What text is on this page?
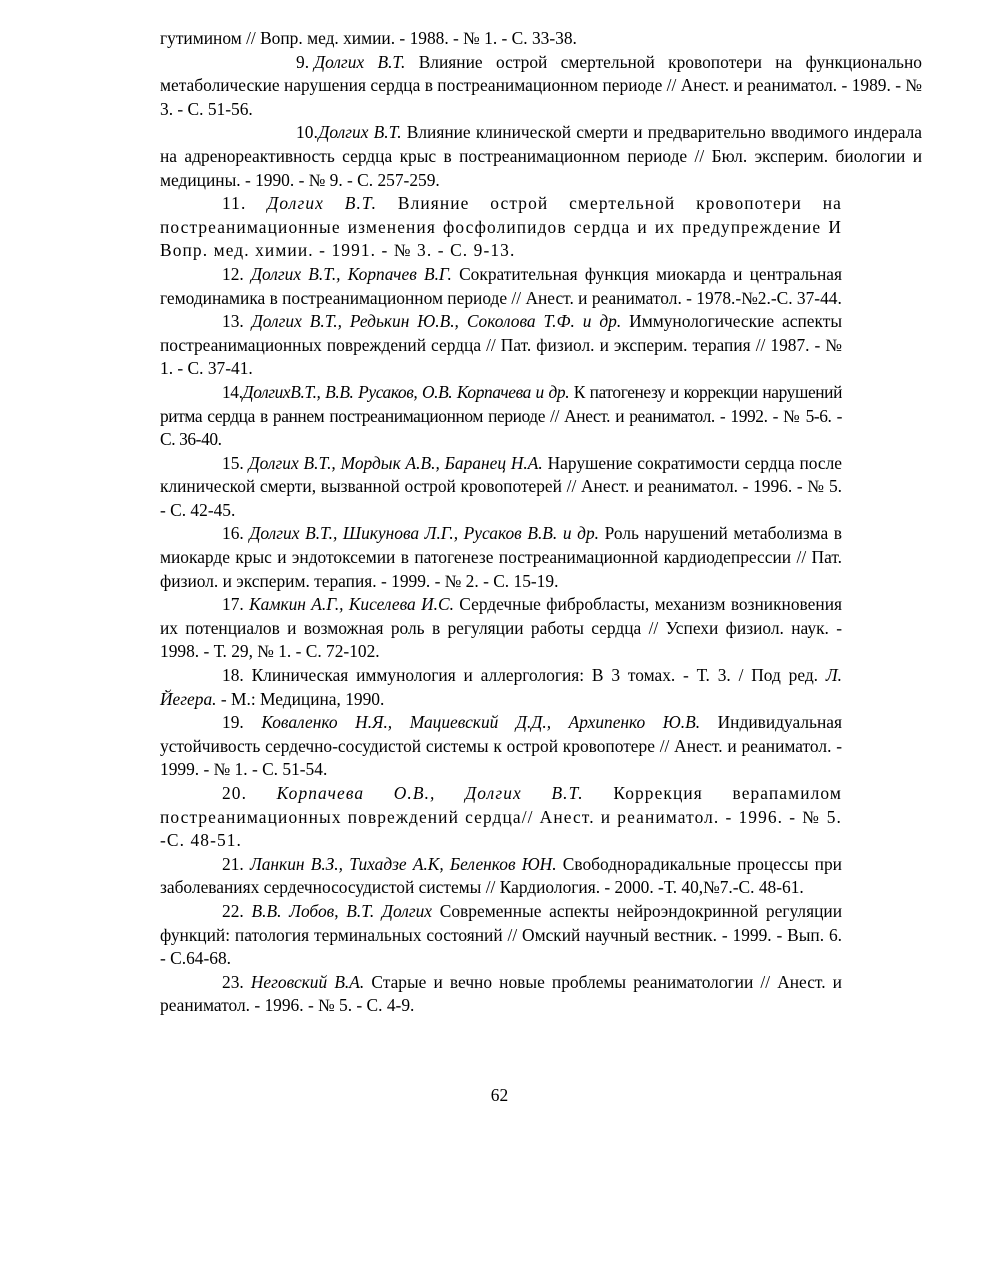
гутимином // Вопр. мед. химии. - 1988. - № 1. - С. 33-38.

9. Долгих В.Т. Влияние острой смертельной кровопотери на функционально метаболические нарушения сердца в постреанимационном периоде // Анест. и реаниматол. - 1989. - № 3. - С. 51-56.

10.Долгих В.Т. Влияние клинической смерти и предварительно вводимого индерала на адренореактивность сердца крыс в постреанимационном периоде // Бюл. эксперим. биологии и медицины. - 1990. - № 9. - С. 257-259.

11. Долгих В.Т. Влияние острой смертельной кровопотери на постреанимационные изменения фосфолипидов сердца и их предупреждение И Вопр. мед. химии. - 1991. - № 3. - С. 9-13.

12. Долгих В.Т., Корпачев В.Г. Сократительная функция миокарда и центральная гемодинамика в постреанимационном периоде // Анест. и реаниматол. - 1978.-№2.-С. 37-44.

13. Долгих В.Т., Редькин Ю.В., Соколова Т.Ф. и др. Иммунологические аспекты постреанимационных повреждений сердца // Пат. физиол. и эксперим. терапия // 1987. - № 1. - С. 37-41.

14.ДолгихВ.Т., В.В. Русаков, О.В. Корпачева и др. К патогенезу и коррекции нарушений ритма сердца в раннем постреанимационном периоде // Анест. и реаниматол. - 1992. - № 5-6. - С. 36-40.

15. Долгих В.Т., Мордык А.В., Баранец Н.А. Нарушение сократимости сердца после клинической смерти, вызванной острой кровопотерей // Анест. и реаниматол. - 1996. - № 5. - С. 42-45.

16. Долгих В.Т., Шикунова Л.Г., Русаков В.В. и др. Роль нарушений метаболизма в миокарде крыс и эндотоксемии в патогенезе постреанимационной кардиодепрессии // Пат. физиол. и эксперим. терапия. - 1999. - № 2. - С. 15-19.

17. Камкин А.Г., Киселева И.С. Сердечные фибробласты, механизм возникновения их потенциалов и возможная роль в регуляции работы сердца // Успехи физиол. наук. - 1998. - Т. 29, № 1. - С. 72-102.

18. Клиническая иммунология и аллергология: В 3 томах. - Т. 3. / Под ред. Л. Йегера. - М.: Медицина, 1990.

19. Коваленко Н.Я., Мациевский Д.Д., Архипенко Ю.В. Индивидуальная устойчивость сердечно-сосудистой системы к острой кровопотере // Анест. и реаниматол. - 1999. - № 1. - С. 51-54.

20. Корпачева О.В., Долгих В.Т. Коррекция верапамилом постреанимационных повреждений сердца// Анест. и реаниматол. - 1996. - № 5. -С. 48-51.

21. Ланкин В.З., Тихадзе А.К, Беленков ЮН. Свободнорадикальные процессы при заболеваниях сердечнососудистой системы // Кардиология. - 2000. -Т. 40,№7.-С. 48-61.

22. В.В. Лобов, В.Т. Долгих Современные аспекты нейроэндокринной регуляции функций: патология терминальных состояний // Омский научный вестник. - 1999. - Вып. 6. - С.64-68.

23. Неговский В.А. Старые и вечно новые проблемы реаниматологии // Анест. и реаниматол. - 1996. - № 5. - С. 4-9.

62
